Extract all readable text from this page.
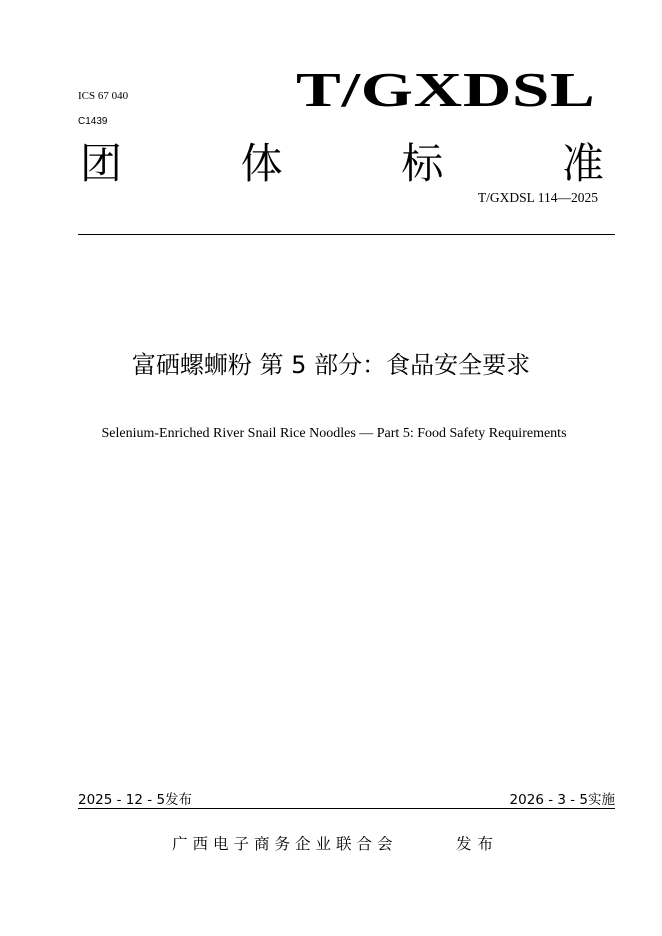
ICS 67 040
C1439
T/GXDSL
团	体	标	准
T/GXDSL 114—2025
富硒螺蛳粉 第 5 部分：食品安全要求
Selenium-Enriched River Snail Rice Noodles — Part 5: Food Safety Requirements
2025 - 12 - 5发布	2026 - 3 - 5实施
广西电子商务企业联合会	发布
